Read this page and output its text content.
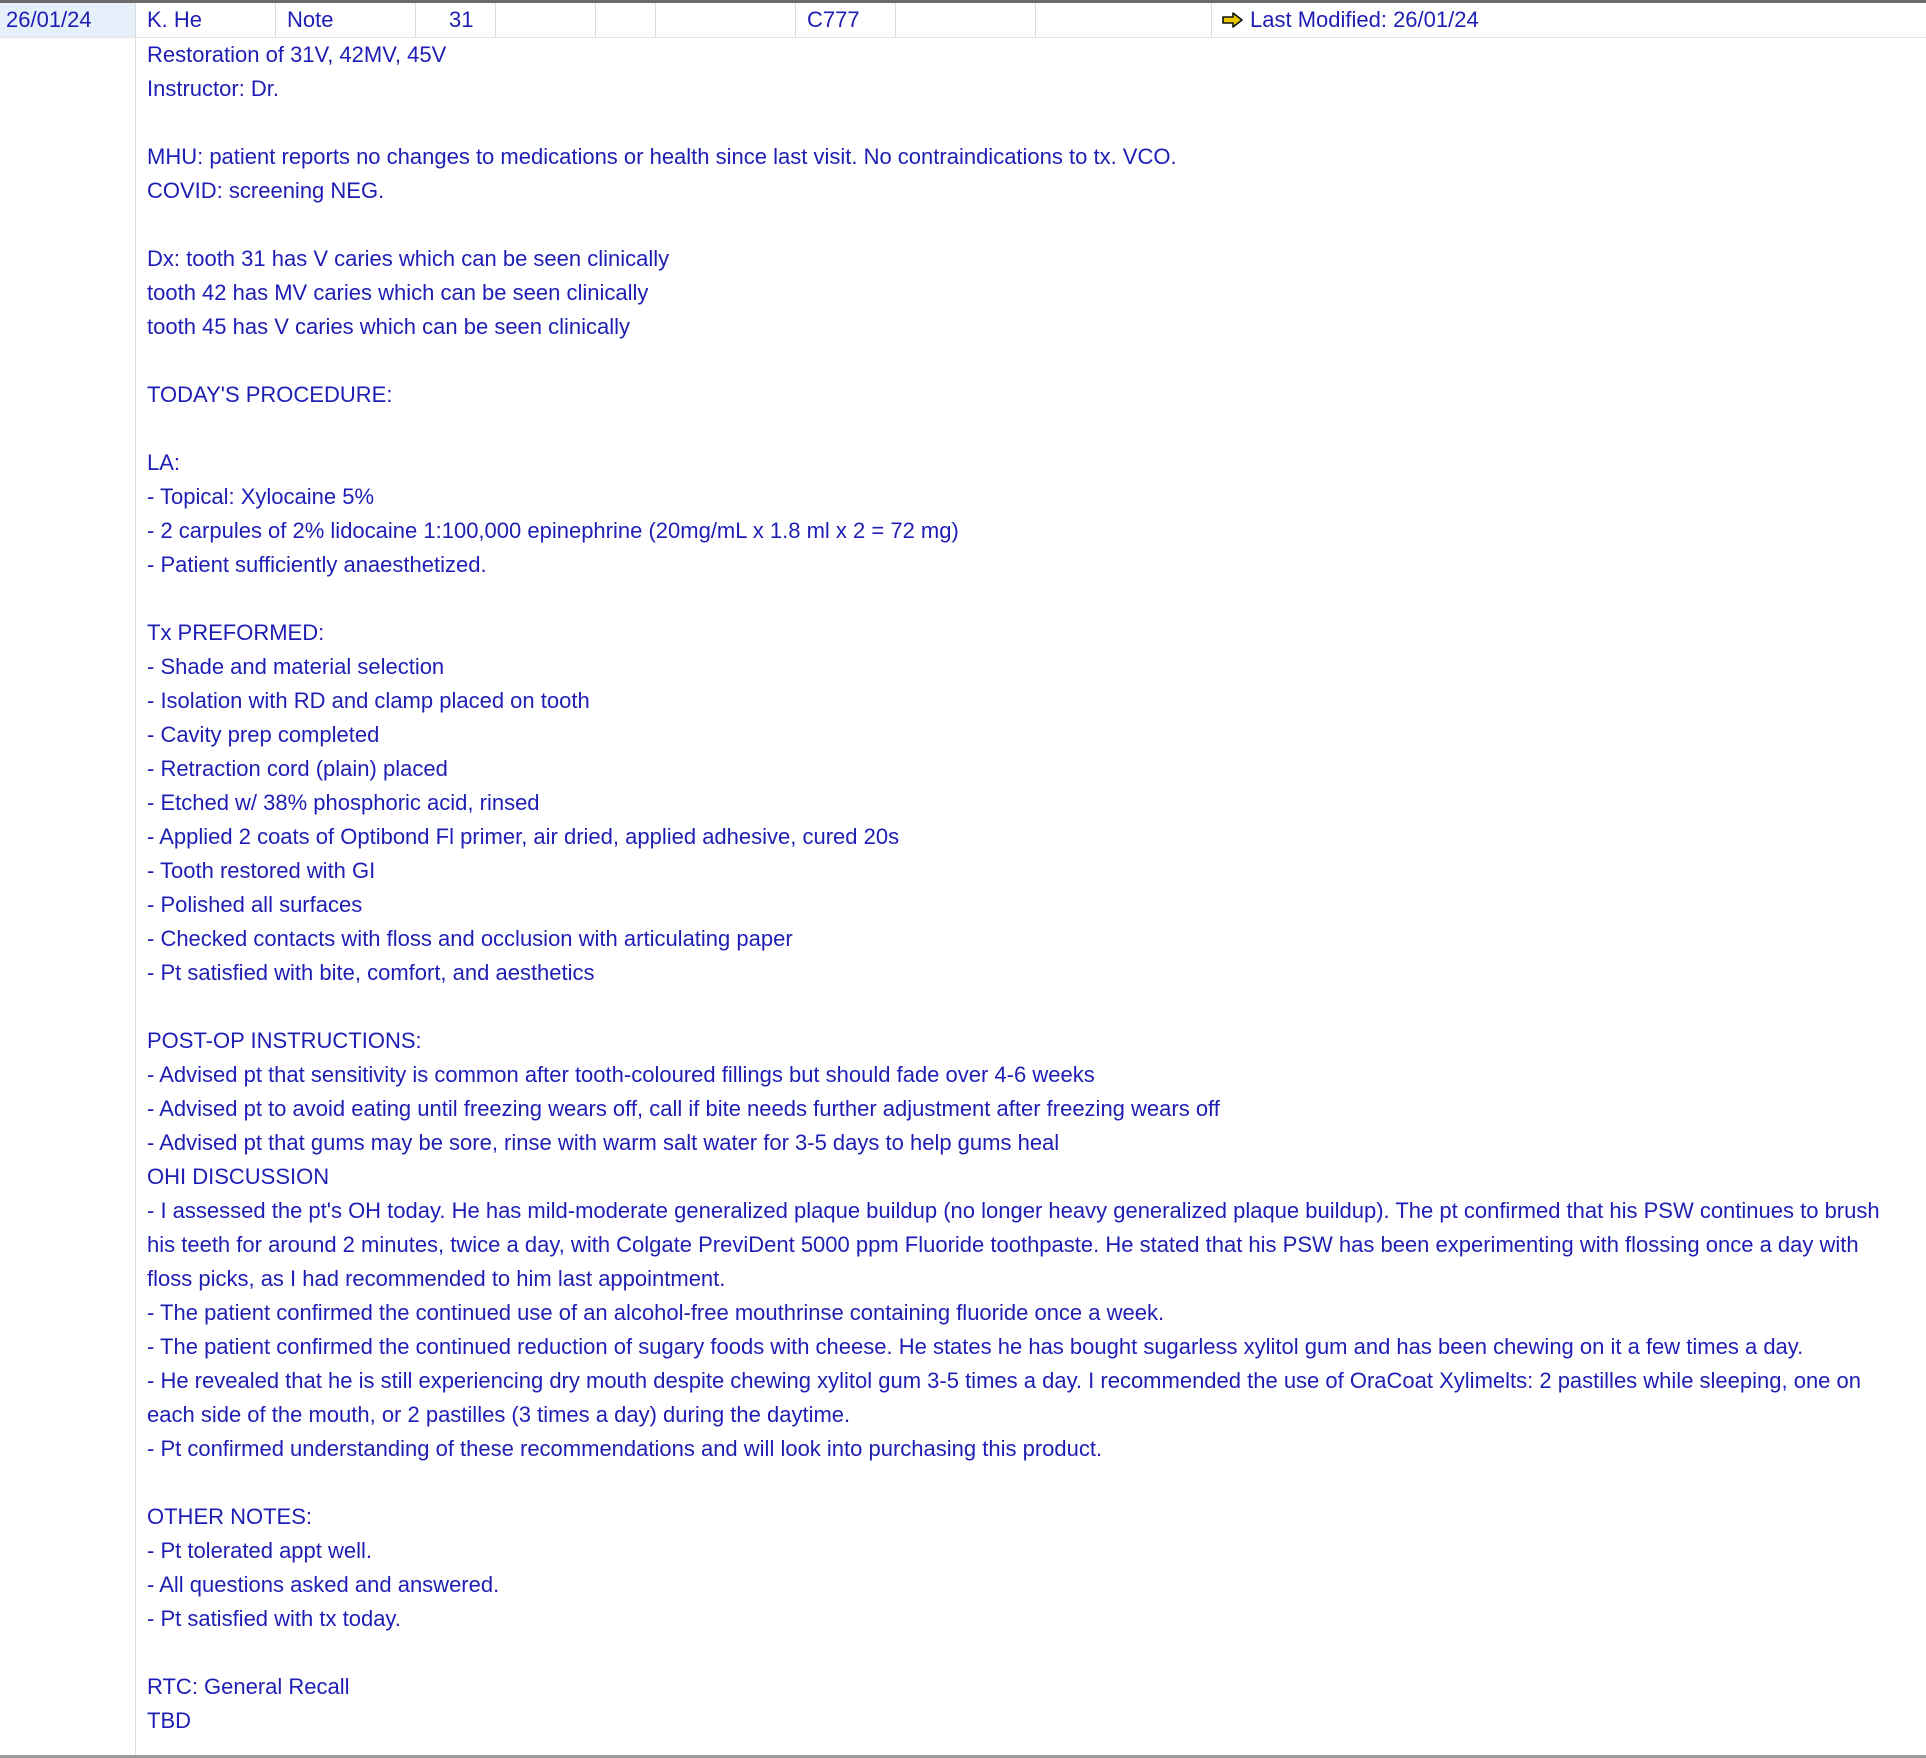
26/01/24	K. He	Note	31	C777	Last Modified: 26/01/24
Restoration of 31V, 42MV, 45V
Instructor: Dr.

MHU: patient reports no changes to medications or health since last visit. No contraindications to tx. VCO.
COVID: screening NEG.

Dx: tooth 31 has V caries which can be seen clinically
tooth 42 has MV caries which can be seen clinically
tooth 45 has V caries which can be seen clinically

TODAY'S PROCEDURE:

LA:
- Topical: Xylocaine 5%
- 2 carpules of 2% lidocaine 1:100,000 epinephrine (20mg/mL x 1.8 ml x 2 = 72 mg)
- Patient sufficiently anaesthetized.

Tx PREFORMED:
- Shade and material selection
- Isolation with RD and clamp placed on tooth
- Cavity prep completed
- Retraction cord (plain) placed
- Etched w/ 38% phosphoric acid, rinsed
- Applied 2 coats of Optibond Fl primer, air dried, applied adhesive, cured 20s
- Tooth restored with GI
- Polished all surfaces
- Checked contacts with floss and occlusion with articulating paper
- Pt satisfied with bite, comfort, and aesthetics

POST-OP INSTRUCTIONS:
- Advised pt that sensitivity is common after tooth-coloured fillings but should fade over 4-6 weeks
- Advised pt to avoid eating until freezing wears off, call if bite needs further adjustment after freezing wears off
- Advised pt that gums may be sore, rinse with warm salt water for 3-5 days to help gums heal
OHI DISCUSSION
- I assessed the pt's OH today. He has mild-moderate generalized plaque buildup (no longer heavy generalized plaque buildup). The pt confirmed that his PSW continues to brush his teeth for around 2 minutes, twice a day, with Colgate PreviDent 5000 ppm Fluoride toothpaste. He stated that his PSW has been experimenting with flossing once a day with floss picks, as I had recommended to him last appointment.
- The patient confirmed the continued use of an alcohol-free mouthrinse containing fluoride once a week.
- The patient confirmed the continued reduction of sugary foods with cheese. He states he has bought sugarless xylitol gum and has been chewing on it a few times a day.
- He revealed that he is still experiencing dry mouth despite chewing xylitol gum 3-5 times a day. I recommended the use of OraCoat Xylimelts: 2 pastilles while sleeping, one on each side of the mouth, or 2 pastilles (3 times a day) during the daytime.
- Pt confirmed understanding of these recommendations and will look into purchasing this product.

OTHER NOTES:
- Pt tolerated appt well.
- All questions asked and answered.
- Pt satisfied with tx today.

RTC: General Recall
TBD
